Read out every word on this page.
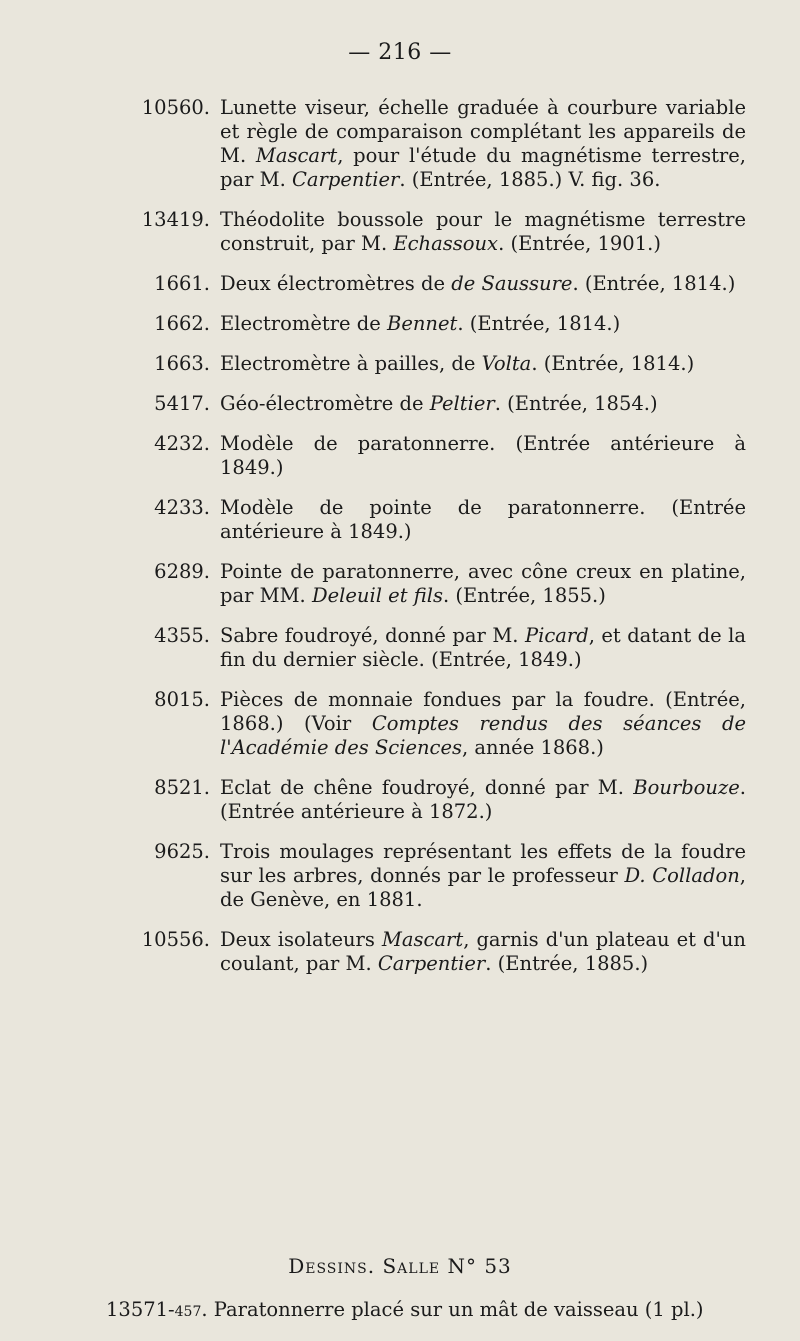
— 216 —
10560. Lunette viseur, échelle graduée à courbure variable et règle de comparaison complétant les appareils de M. Mascart, pour l'étude du magnétisme terrestre, par M. Carpentier. (Entrée, 1885.) V. fig. 36.
13419. Théodolite boussole pour le magnétisme terrestre construit, par M. Echassoux. (Entrée, 1901.)
1661. Deux électromètres de de Saussure. (Entrée, 1814.)
1662. Electromètre de Bennet. (Entrée, 1814.)
1663. Electromètre à pailles, de Volta. (Entrée, 1814.)
5417. Géo-électromètre de Peltier. (Entrée, 1854.)
4232. Modèle de paratonnerre. (Entrée antérieure à 1849.)
4233. Modèle de pointe de paratonnerre. (Entrée antérieure à 1849.)
6289. Pointe de paratonnerre, avec cône creux en platine, par MM. Deleuil et fils. (Entrée, 1855.)
4355. Sabre foudroyé, donné par M. Picard, et datant de la fin du dernier siècle. (Entrée, 1849.)
8015. Pièces de monnaie fondues par la foudre. (Entrée, 1868.) (Voir Comptes rendus des séances de l'Académie des Sciences, année 1868.)
8521. Eclat de chêne foudroyé, donné par M. Bourbouze. (Entrée antérieure à 1872.)
9625. Trois moulages représentant les effets de la foudre sur les arbres, donnés par le professeur D. Colladon, de Genève, en 1881.
10556. Deux isolateurs Mascart, garnis d'un plateau et d'un coulant, par M. Carpentier. (Entrée, 1885.)
Dessins. Salle N° 53
13571-457. Paratonnerre placé sur un mât de vaisseau (1 pl.)
